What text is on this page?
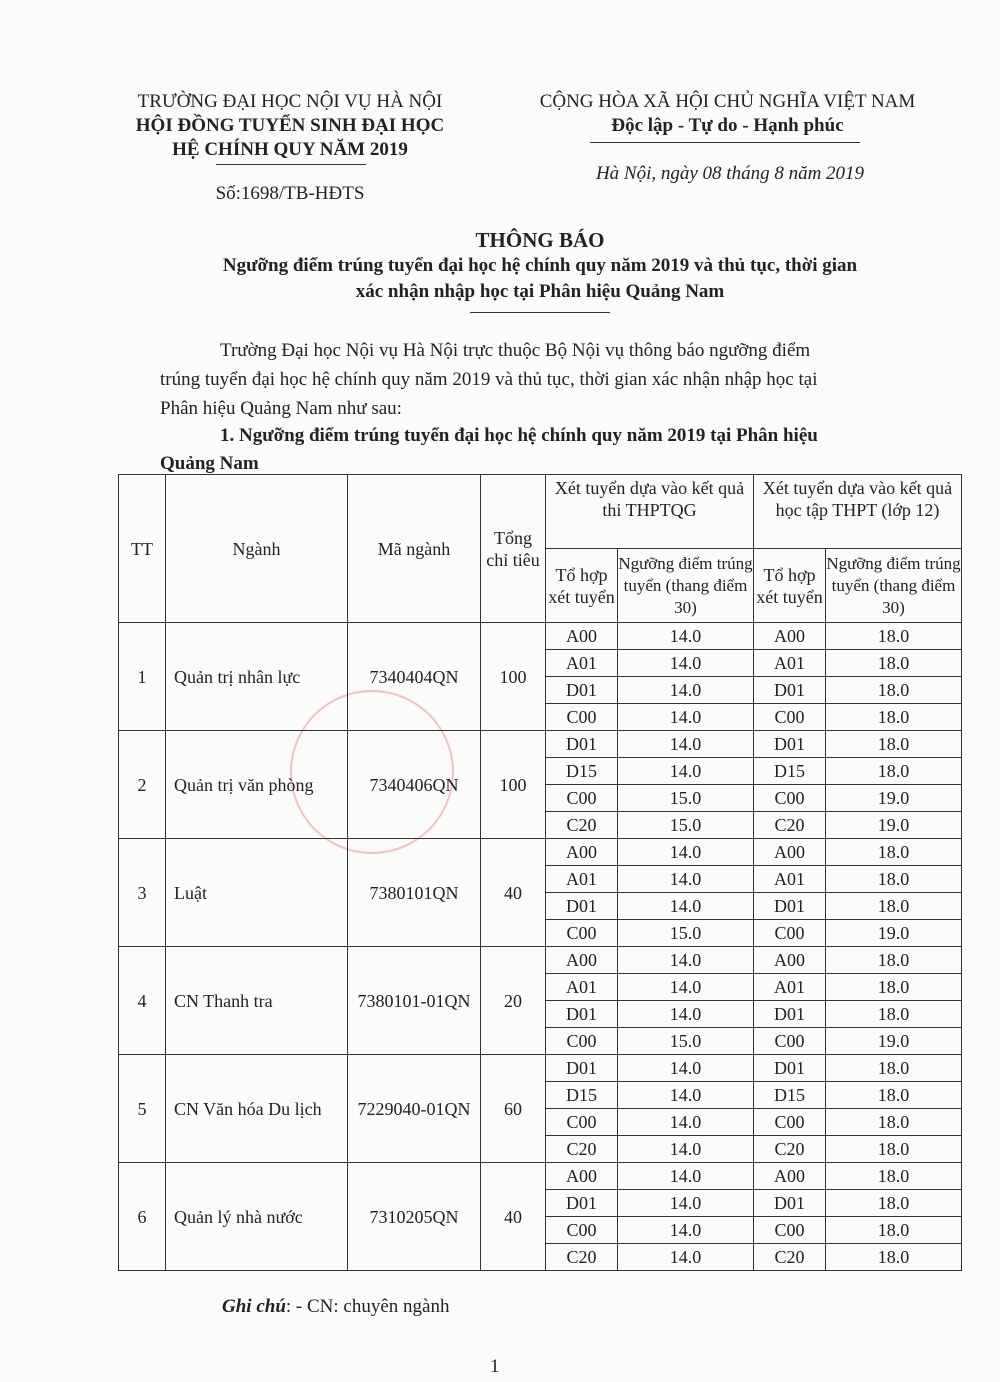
TRƯỜNG ĐẠI HỌC NỘI VỤ HÀ NỘI
HỘI ĐỒNG TUYỂN SINH ĐẠI HỌC
HỆ CHÍNH QUY NĂM 2019
Số:1698/TB-HĐTS
CỘNG HÒA XÃ HỘI CHỦ NGHĨA VIỆT NAM
Độc lập - Tự do - Hạnh phúc
Hà Nội, ngày 08 tháng 8 năm 2019
THÔNG BÁO
Ngưỡng điểm trúng tuyển đại học hệ chính quy năm 2019 và thủ tục, thời gian
xác nhận nhập học tại Phân hiệu Quảng Nam
Trường Đại học Nội vụ Hà Nội trực thuộc Bộ Nội vụ thông báo ngưỡng điểm
trúng tuyển đại học hệ chính quy năm 2019 và thủ tục, thời gian xác nhận nhập học tại
Phân hiệu Quảng Nam như sau:
1. Ngưỡng điểm trúng tuyển đại học hệ chính quy năm 2019 tại Phân hiệu
Quảng Nam
TT	Ngành	Mã ngành	Tổng chỉ tiêu	Xét tuyển dựa vào kết quả thi THPTQG		Xét tuyển dựa vào kết quả học tập THPT (lớp 12)	
				Tổ hợp xét tuyển	Ngưỡng điểm trúng tuyển (thang điểm 30)	Tổ hợp xét tuyển	Ngưỡng điểm trúng tuyển (thang điểm 30)
1	Quản trị nhân lực	7340404QN	100	A00	14.0	A00	18.0
				A01	14.0	A01	18.0
				D01	14.0	D01	18.0
				C00	14.0	C00	18.0
2	Quản trị văn phòng	7340406QN	100	D01	14.0	D01	18.0
				D15	14.0	D15	18.0
				C00	15.0	C00	19.0
				C20	15.0	C20	19.0
3	Luật	7380101QN	40	A00	14.0	A00	18.0
				A01	14.0	A01	18.0
				D01	14.0	D01	18.0
				C00	15.0	C00	19.0
4	CN Thanh tra	7380101-01QN	20	A00	14.0	A00	18.0
				A01	14.0	A01	18.0
				D01	14.0	D01	18.0
				C00	15.0	C00	19.0
5	CN Văn hóa Du lịch	7229040-01QN	60	D01	14.0	D01	18.0
				D15	14.0	D15	18.0
				C00	14.0	C00	18.0
				C20	14.0	C20	18.0
6	Quản lý nhà nước	7310205QN	40	A00	14.0	A00	18.0
				D01	14.0	D01	18.0
				C00	14.0	C00	18.0
				C20	14.0	C20	18.0
Ghi chú: - CN: chuyên ngành
1
